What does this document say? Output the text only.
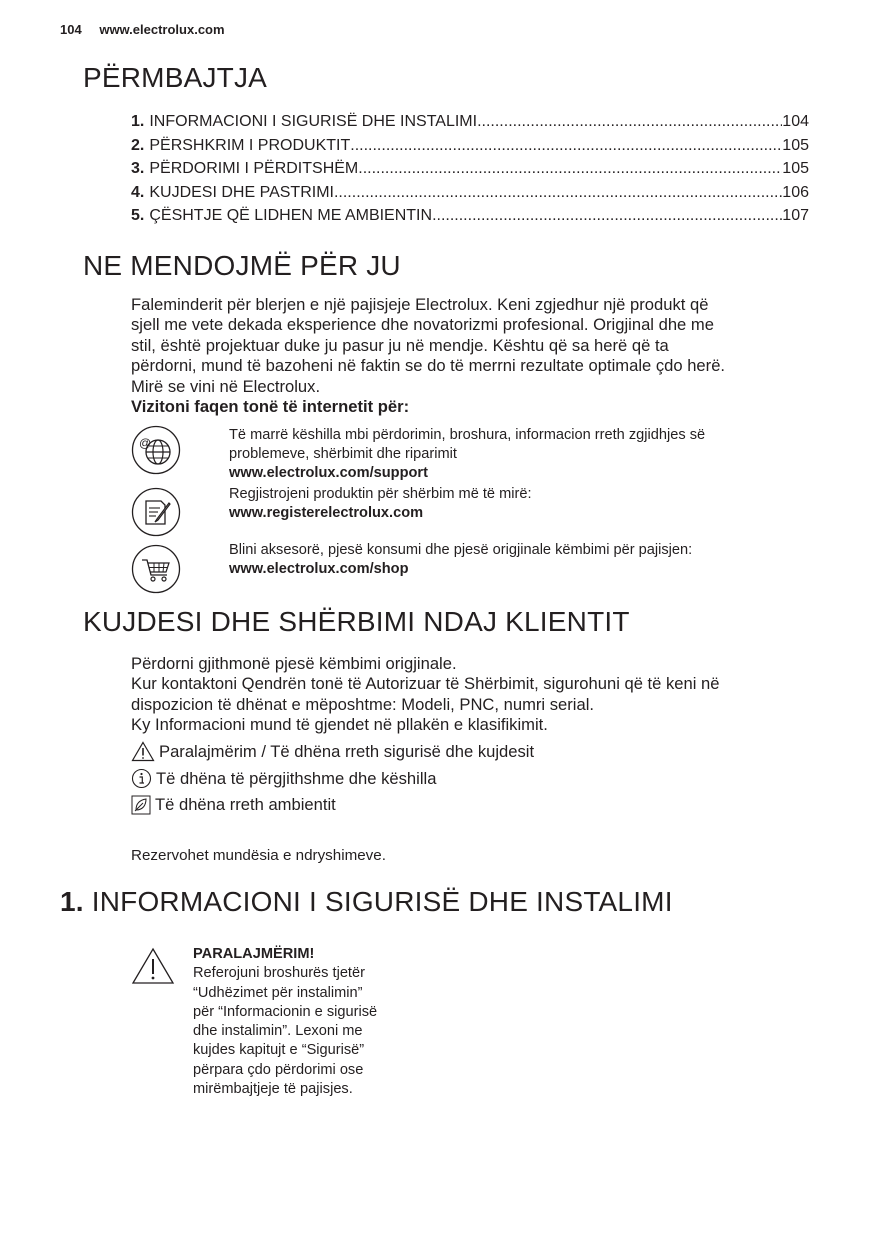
104 www.electrolux.com
PËRMBAJTJA
1. INFORMACIONI I SIGURISË DHE INSTALIMI .....	104
2. PËRSHKRIM I PRODUKTIT .....	105
3. PËRDORIMI I PËRDITSHËM .....	105
4. KUJDESI DHE PASTRIMI .....	106
5. ÇËSHTJE QË LIDHEN ME AMBIENTIN .....	107
NE MENDOJMË PËR JU

Faleminderit për blerjen e një pajisjeje Electrolux. Keni zgjedhur një produkt që

sjell me vete dekada eksperience dhe novatorizmi profesional. Origjinal dhe me

stil, është projektuar duke ju pasur ju në mendje. Kështu që sa herë që ta

përdorni, mund të bazoheni në faktin se do të merrni rezultate optimale çdo herë.

Mirë se vini në Electrolux.

Vizitoni faqen tonë të internetit për:

@	Të marrë këshilla mbi përdorimin, broshura, informacion rreth zgjidhjes së
problemeve, shërbimit dhe riparimit
www.electrolux.com/support
Regjistrojeni produktin për shërbim më të mirë:
www.registerelectrolux.com
Blini aksesorë, pjesë konsumi dhe pjesë origjinale këmbimi për pajisjen:
www.electrolux.com/shop
KUJDESI DHE SHËRBIMI NDAJ KLIENTIT

Përdorni gjithmonë pjesë këmbimi origjinale.

Kur kontaktoni Qendrën tonë të Autorizuar të Shërbimit, sigurohuni që të keni në

dispozicion të dhënat e mëposhtme: Modeli, PNC, numri serial.

Ky Informacioni mund të gjendet në pllakën e klasifikimit.

Paralajmërim / Të dhëna rreth sigurisë dhe kujdesit
Të dhëna të përgjithshme dhe këshilla
Të dhëna rreth ambientit
Rezervohet mundësia e ndryshimeve.
1. INFORMACIONI I SIGURISË DHE INSTALIMI
PARALAJMËRIM!
Referojuni broshurës tjetër
“Udhëzimet për instalimin”
për “Informacionin e sigurisë
dhe instalimin”. Lexoni me
kujdes kapitujt e “Sigurisë”
përpara çdo përdorimi ose
mirëmbajtjeje të pajisjes.
